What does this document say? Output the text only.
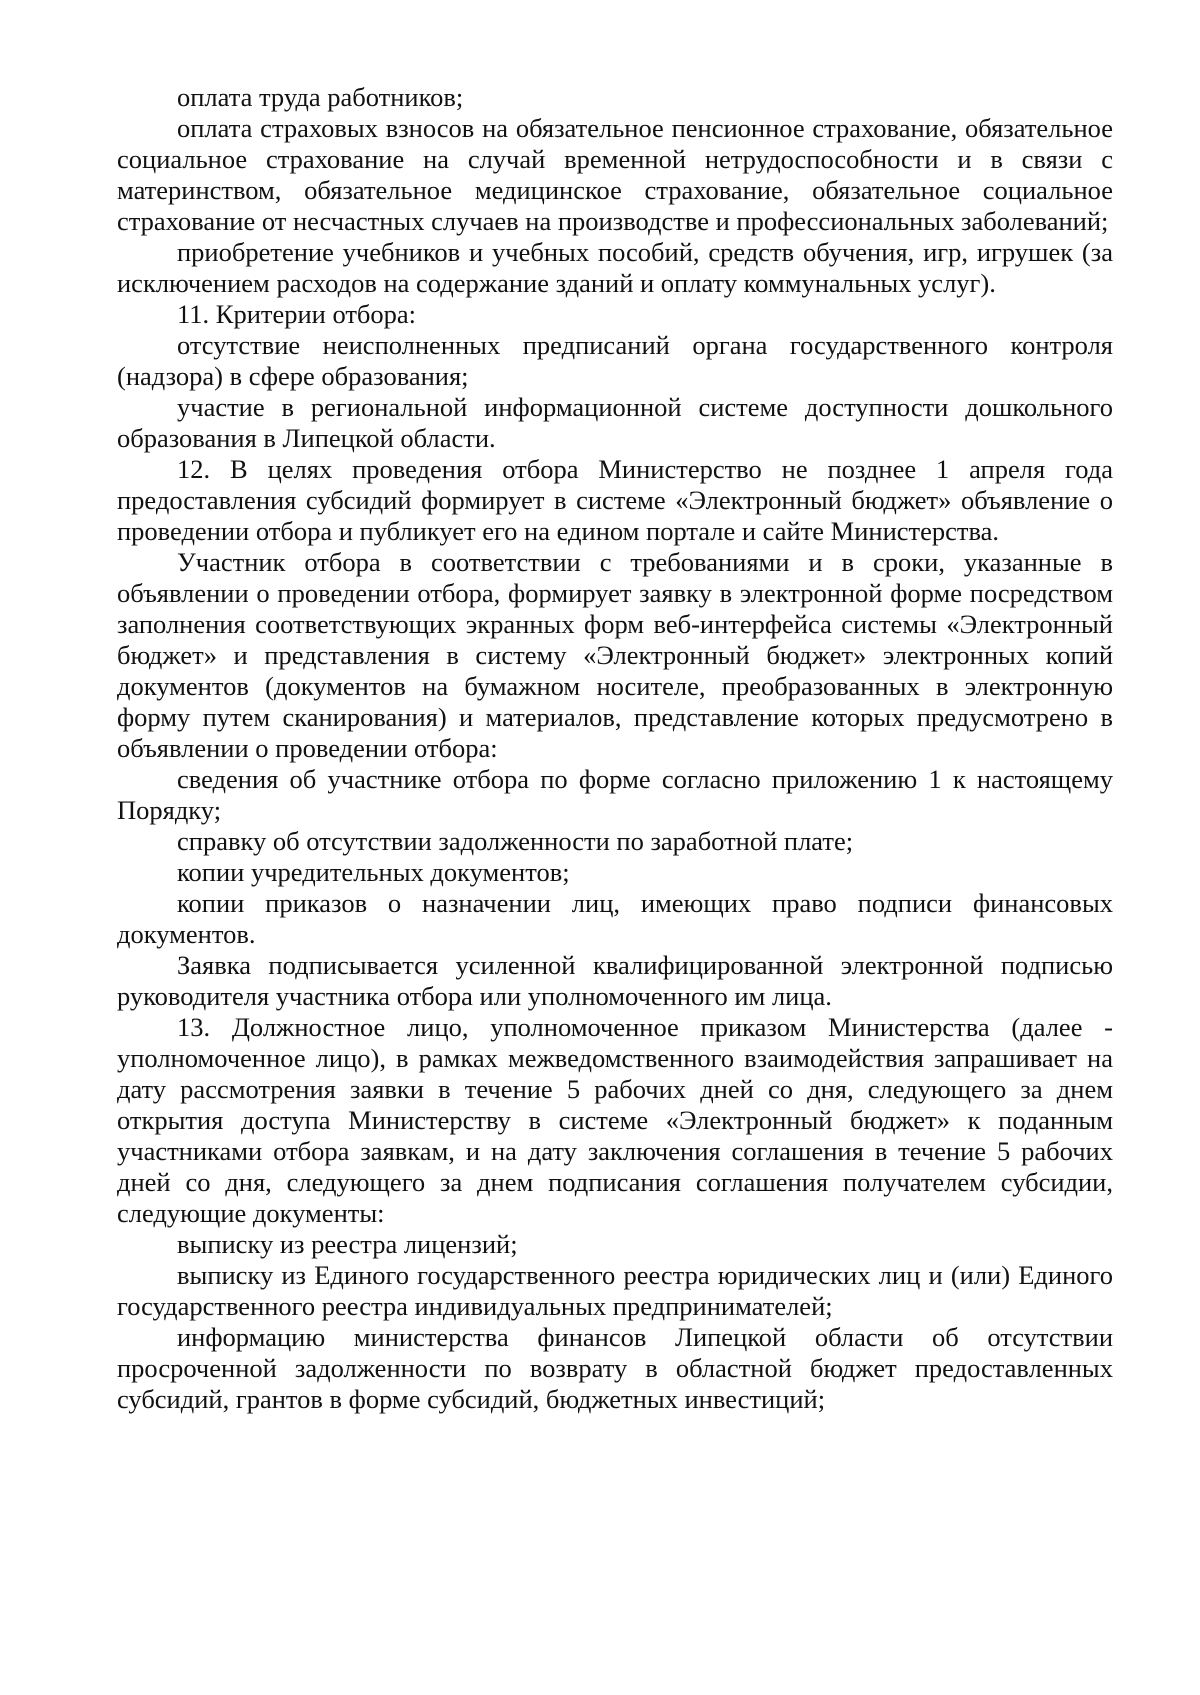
оплата труда работников;

оплата страховых взносов на обязательное пенсионное страхование, обязательное социальное страхование на случай временной нетрудоспособности и в связи с материнством, обязательное медицинское страхование, обязательное социальное страхование от несчастных случаев на производстве и профессиональных заболеваний;

приобретение учебников и учебных пособий, средств обучения, игр, игрушек (за исключением расходов на содержание зданий и оплату коммунальных услуг).

11. Критерии отбора:

отсутствие неисполненных предписаний органа государственного контроля (надзора) в сфере образования;

участие в региональной информационной системе доступности дошкольного образования в Липецкой области.

12. В целях проведения отбора Министерство не позднее 1 апреля года предоставления субсидий формирует в системе «Электронный бюджет» объявление о проведении отбора и публикует его на едином портале и сайте Министерства.

Участник отбора в соответствии с требованиями и в сроки, указанные в объявлении о проведении отбора, формирует заявку в электронной форме посредством заполнения соответствующих экранных форм веб-интерфейса системы «Электронный бюджет» и представления в систему «Электронный бюджет» электронных копий документов (документов на бумажном носителе, преобразованных в электронную форму путем сканирования) и материалов, представление которых предусмотрено в объявлении о проведении отбора:

сведения об участнике отбора по форме согласно приложению 1 к настоящему Порядку;

справку об отсутствии задолженности по заработной плате;

копии учредительных документов;

копии приказов о назначении лиц, имеющих право подписи финансовых документов.

Заявка подписывается усиленной квалифицированной электронной подписью руководителя участника отбора или уполномоченного им лица.

13. Должностное лицо, уполномоченное приказом Министерства (далее - уполномоченное лицо), в рамках межведомственного взаимодействия запрашивает на дату рассмотрения заявки в течение 5 рабочих дней со дня, следующего за днем открытия доступа Министерству в системе «Электронный бюджет» к поданным участниками отбора заявкам, и на дату заключения соглашения в течение 5 рабочих дней со дня, следующего за днем подписания соглашения получателем субсидии, следующие документы:

выписку из реестра лицензий;

выписку из Единого государственного реестра юридических лиц и (или) Единого государственного реестра индивидуальных предпринимателей;

информацию министерства финансов Липецкой области об отсутствии просроченной задолженности по возврату в областной бюджет предоставленных субсидий, грантов в форме субсидий, бюджетных инвестиций;
